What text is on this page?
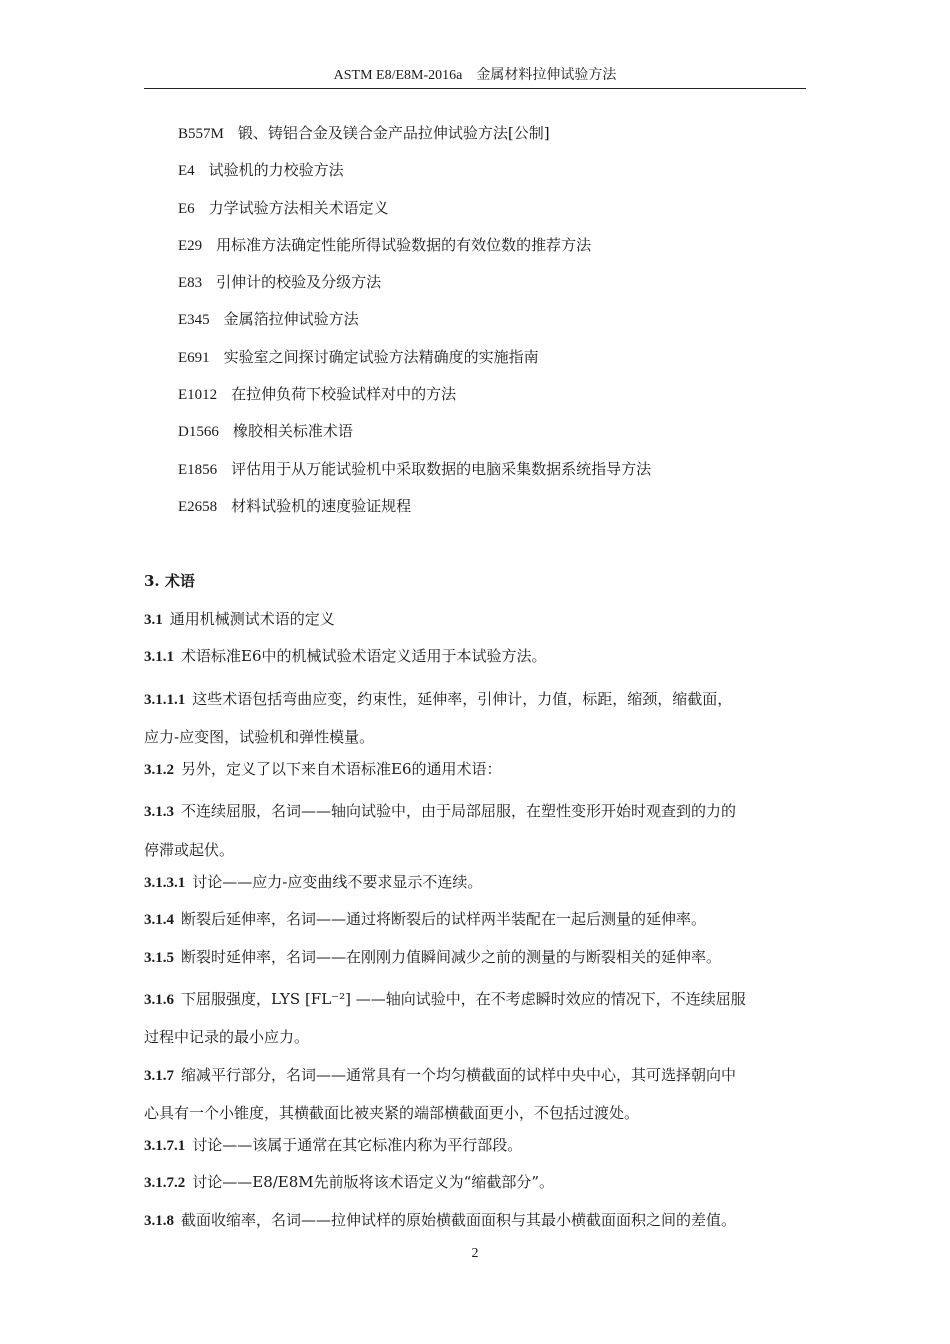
ASTM E8/E8M-2016a　金属材料拉伸试验方法
B557M 锻、铸铝合金及镁合金产品拉伸试验方法[公制]
E4 试验机的力校验方法
E6 力学试验方法相关术语定义
E29 用标准方法确定性能所得试验数据的有效位数的推荐方法
E83 引伸计的校验及分级方法
E345 金属箔拉伸试验方法
E691 实验室之间探讨确定试验方法精确度的实施指南
E1012 在拉伸负荷下校验试样对中的方法
D1566 橡胶相关标准术语
E1856 评估用于从万能试验机中采取数据的电脑采集数据系统指导方法
E2658 材料试验机的速度验证规程
3. 术语

3.1 通用机械测试术语的定义

3.1.1 术语标准E6中的机械试验术语定义适用于本试验方法。

3.1.1.1 这些术语包括弯曲应变，约束性，延伸率，引伸计，力值，标距，缩颈，缩截面，
应力-应变图，试验机和弹性模量。

3.1.2 另外，定义了以下来自术语标准E6的通用术语：

3.1.3 不连续屈服，名词——轴向试验中，由于局部屈服，在塑性变形开始时观查到的力的
停滞或起伏。

3.1.3.1 讨论——应力-应变曲线不要求显示不连续。

3.1.4 断裂后延伸率，名词——通过将断裂后的试样两半装配在一起后测量的延伸率。

3.1.5 断裂时延伸率，名词——在刚刚力值瞬间减少之前的测量的与断裂相关的延伸率。

3.1.6 下屈服强度，LYS [FL⁻²] ——轴向试验中，在不考虑瞬时效应的情况下，不连续屈服
过程中记录的最小应力。

3.1.7 缩减平行部分，名词——通常具有一个均匀横截面的试样中央中心，其可选择朝向中
心具有一个小锥度，其横截面比被夹紧的端部横截面更小，不包括过渡处。

3.1.7.1 讨论——该属于通常在其它标准内称为平行部段。

3.1.7.2 讨论——E8/E8M先前版将该术语定义为“缩截部分”。

3.1.8 截面收缩率，名词——拉伸试样的原始横截面面积与其最小横截面面积之间的差值。

2
